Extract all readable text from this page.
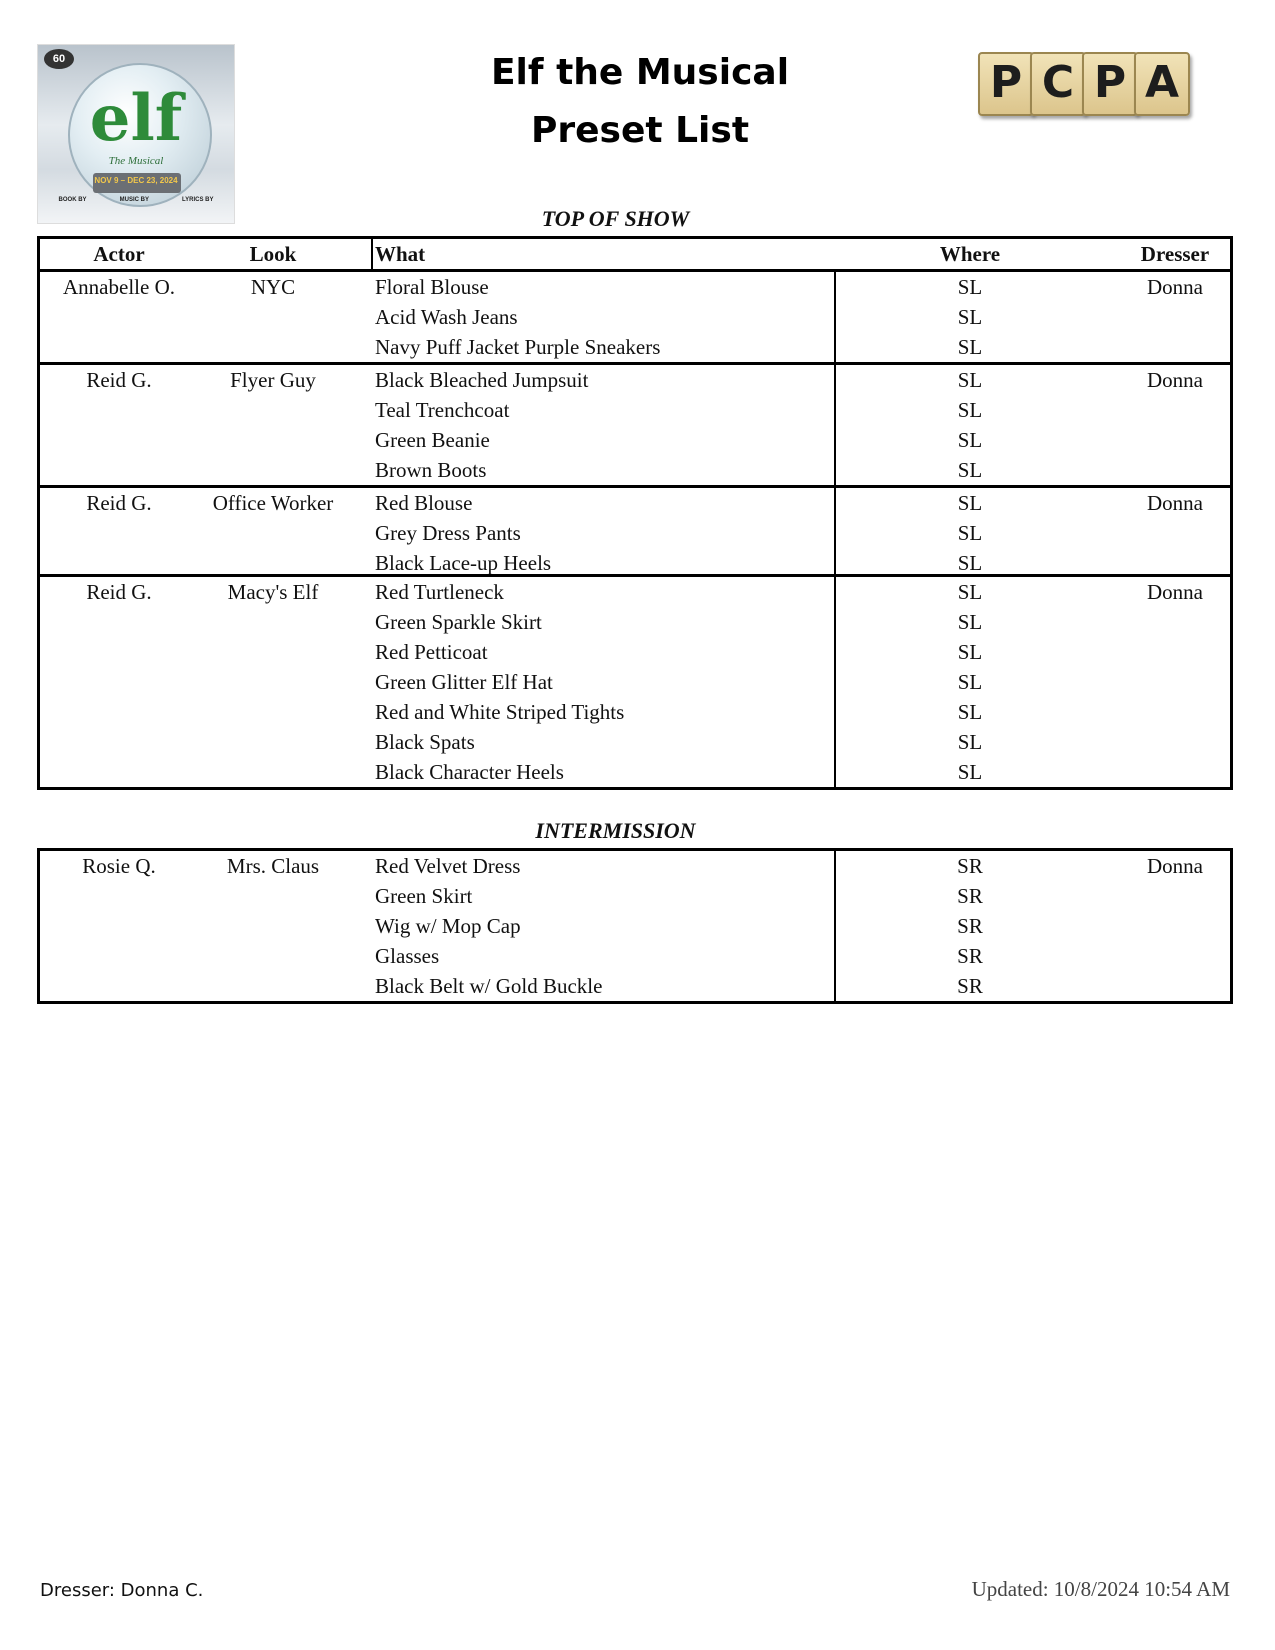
60
elf
The Musical
NOV 9 – DEC 23, 2024
BOOK BY	MUSIC BY	LYRICS BY
Elf the Musical
Preset List
P C P A
TOP OF SHOW
Actor	Look	What	Where	Dresser
Annabelle O.	NYC	Floral Blouse	SL	Donna
Acid Wash Jeans	SL
Navy Puff Jacket Purple Sneakers	SL
Reid G.	Flyer Guy	Black Bleached Jumpsuit	SL	Donna
Teal Trenchcoat	SL
Green Beanie	SL
Brown Boots	SL
Reid G.	Office Worker	Red Blouse	SL	Donna
Grey Dress Pants	SL
Black Lace-up Heels	SL
Reid G.	Macy's Elf	Red Turtleneck	SL	Donna
Green Sparkle Skirt	SL
Red Petticoat	SL
Green Glitter Elf Hat	SL
Red and White Striped Tights	SL
Black Spats	SL
Black Character Heels	SL
INTERMISSION
Rosie Q.	Mrs. Claus	Red Velvet Dress	SR	Donna
Green Skirt	SR
Wig w/ Mop Cap	SR
Glasses	SR
Black Belt w/ Gold Buckle	SR
Dresser: Donna C.	Updated: 10/8/2024 10:54 AM
